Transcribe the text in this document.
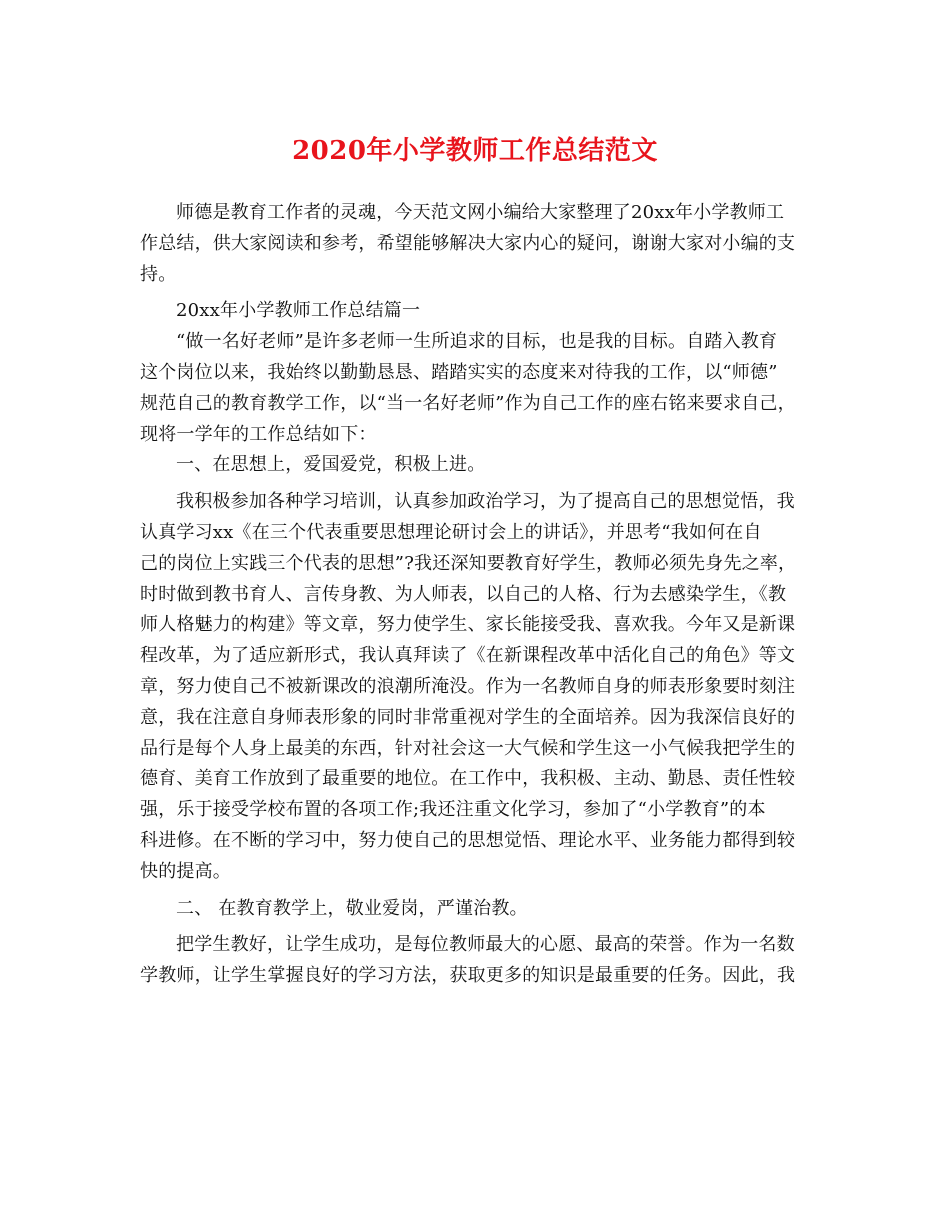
2020年小学教师工作总结范文
师德是教育工作者的灵魂，今天范文网小编给大家整理了20xx年小学教师工
作总结，供大家阅读和参考，希望能够解决大家内心的疑问，谢谢大家对小编的支
持。
20xx年小学教师工作总结篇一
“做一名好老师”是许多老师一生所追求的目标，也是我的目标。自踏入教育
这个岗位以来，我始终以勤勤恳恳、踏踏实实的态度来对待我的工作，以“师德”
规范自己的教育教学工作，以“当一名好老师”作为自己工作的座右铭来要求自己，
现将一学年的工作总结如下：
一、在思想上，爱国爱党，积极上进。
我积极参加各种学习培训，认真参加政治学习，为了提高自己的思想觉悟，我
认真学习xx《在三个代表重要思想理论研讨会上的讲话》，并思考“我如何在自
己的岗位上实践三个代表的思想”?我还深知要教育好学生，教师必须先身先之率，
时时做到教书育人、言传身教、为人师表，以自己的人格、行为去感染学生，《教
师人格魅力的构建》等文章，努力使学生、家长能接受我、喜欢我。今年又是新课
程改革，为了适应新形式，我认真拜读了《在新课程改革中活化自己的角色》等文
章，努力使自己不被新课改的浪潮所淹没。作为一名教师自身的师表形象要时刻注
意，我在注意自身师表形象的同时非常重视对学生的全面培养。因为我深信良好的
品行是每个人身上最美的东西，针对社会这一大气候和学生这一小气候我把学生的
德育、美育工作放到了最重要的地位。在工作中，我积极、主动、勤恳、责任性较
强，乐于接受学校布置的各项工作;我还注重文化学习，参加了“小学教育”的本
科进修。在不断的学习中，努力使自己的思想觉悟、理论水平、业务能力都得到较
快的提高。
二、 在教育教学上，敬业爱岗，严谨治教。
把学生教好，让学生成功，是每位教师最大的心愿、最高的荣誉。作为一名数
学教师，让学生掌握良好的学习方法，获取更多的知识是最重要的任务。因此，我
